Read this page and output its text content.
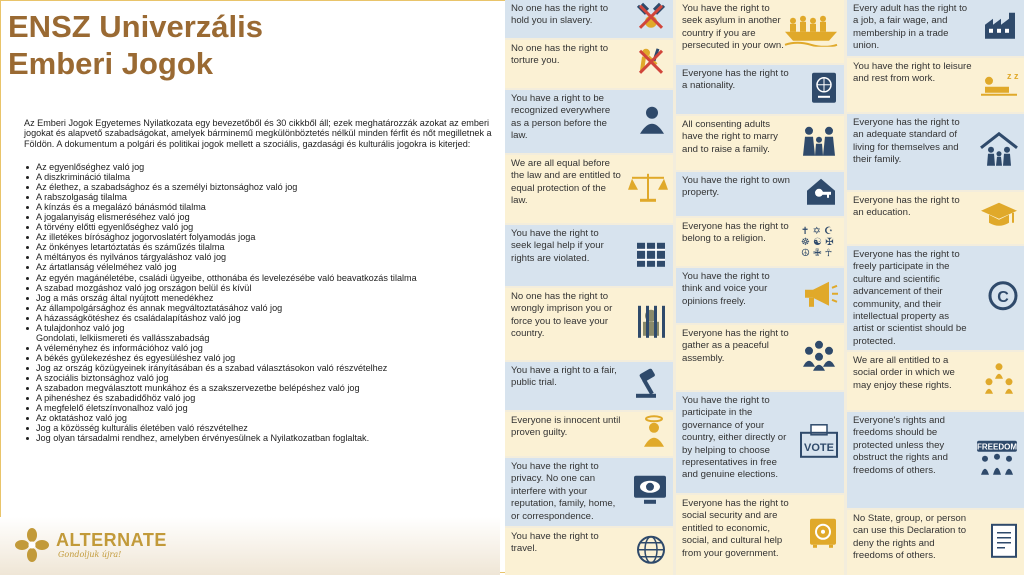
ENSZ Univerzális
Emberi Jogok

Az Emberi Jogok Egyetemes Nyilatkozata egy bevezetőből és 30 cikkből áll; ezek meghatározzák azokat az emberi jogokat és alapvető szabadságokat, amelyek bárminemű megkülönböztetés nélkül minden férfit és nőt megilletnek a Földön. A dokumentum a polgári és politikai jogok mellett a szociális, gazdasági és kulturális jogokra is kiterjed:

Az egyenlőséghez való jog
A diszkrimináció tilalma
Az élethez, a szabadsághoz és a személyi biztonsághoz való jog
A rabszolgaság tilalma
A kínzás és a megalázó bánásmód tilalma
A jogalanyiság elismeréséhez való jog
A törvény előtti egyenlőséghez való jog
Az illetékes bírósághoz jogorvoslatért folyamodás joga
Az önkényes letartóztatás és száműzés tilalma
A méltányos és nyilvános tárgyaláshoz való jog
Az ártatlanság vélelméhez való jog
Az egyén magánéletébe, családi ügyeibe, otthonába és levelezésébe való beavatkozás tilalma
A szabad mozgáshoz való jog országon belül és kívül
Jog a más ország által nyújtott menedékhez
Az állampolgársághoz és annak megváltoztatásához való jog
A házasságkötéshez és családalapításhoz való jog
A tulajdonhoz való jog
Gondolati, lelkiismereti és vallásszabadság
A véleményhez és információhoz való jog
A békés gyülekezéshez és egyesüléshez való jog
Jog az ország közügyeinek irányításában és a szabad választásokon való részvételhez
A szociális biztonsághoz való jog
A szabadon megválasztott munkához és a szakszervezetbe belépéshez való jog
A pihenéshez és szabadidőhöz való jog
A megfelelő életszínvonalhoz való jog
Az oktatáshoz való jog
Jog a közösség kulturális életében való részvételhez
Jog olyan társadalmi rendhez, amelyben érvényesülnek a Nyilatkozatban foglaltak.
ALTERNATE
Gondoljuk újra!
No one has the right to hold you in slavery.
No one has the right to torture you.
You have a right to be recognized everywhere as a person before the law.
We are all equal before the law and are entitled to equal protection of the law.
You have the right to seek legal help if your rights are violated.
No one has the right to wrongly imprison you or force you to leave your country.
You have a right to a fair, public trial.
Everyone is innocent until proven guilty.
You have the right to privacy. No one can interfere with your reputation, family, home, or correspondence.
You have the right to travel.
You have the right to seek asylum in another country if you are persecuted in your own.
Everyone has the right to a nationality.
All consenting adults have the right to marry and to raise a family.
You have the right to own property.
Everyone has the right to belong to a religion.
✝ ✡ ☪
☸ ☯ ✠
☮ ✙ ☥
You have the right to think and voice your opinions freely.
Everyone has the right to gather as a peaceful assembly.
You have the right to participate in the governance of your country, either directly or by helping to choose representatives in free and genuine elections.
VOTE
Everyone has the right to social security and are entitled to economic, social, and cultural help from your government.
Every adult has the right to a job, a fair wage, and membership in a trade union.
You have the right to leisure and rest from work.	z z
Everyone has the right to an adequate standard of living for themselves and their family.
Everyone has the right to an education.
Everyone has the right to freely participate in the culture and scientific advancement of their community, and their intellectual property as artist or scientist should be protected.
C
We are all entitled to a social order in which we may enjoy these rights.
Everyone's rights and freedoms should be protected unless they obstruct the rights and freedoms of others.
FREEDOM
No State, group, or person can use this Declaration to deny the rights and freedoms of others.
